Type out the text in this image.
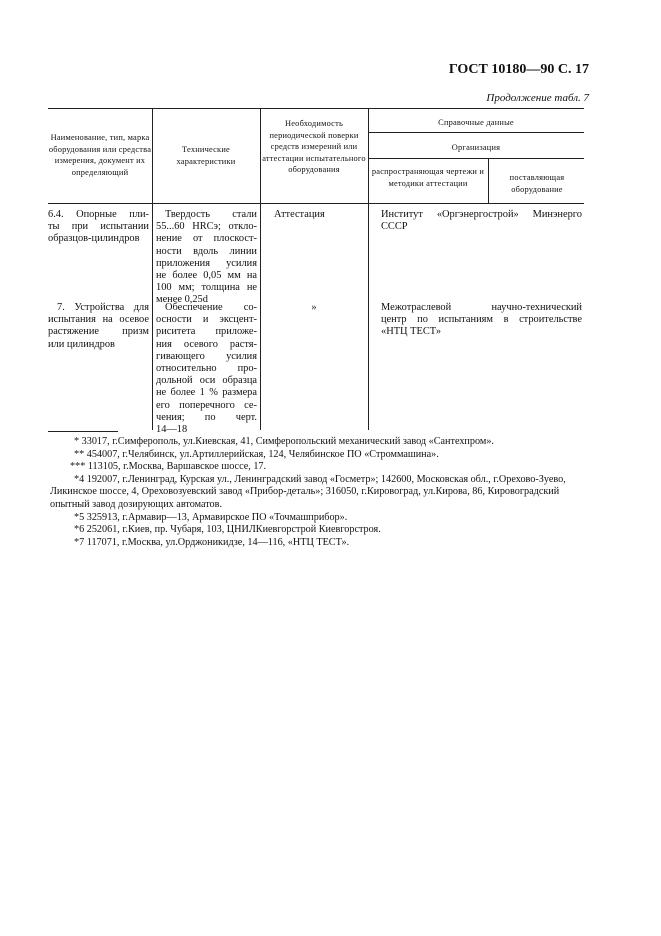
ГОСТ 10180—90 С. 17
Продолжение табл. 7
Наименование, тип, марка оборудования или средства измерения, документ их определяющий
Технические характеристики
Необходимость периодической поверки средств измерений или аттестации испытательного оборудования
Справочные данные
Организация
распространяющая чертежи и методики аттестации
поставляющая оборудование
6.4. Опорные пли-
ты при испытании
образцов-цилиндров
Твердость стали
55...60 HRCэ; откло-
нение от плоскост-
ности вдоль линии
приложения усилия
не более 0,05 мм на
100 мм; толщина не
менее 0,25d
Аттестация	Институт «Оргэнергострой» Минэнерго
СССР
7. Устройства для
испытания на осевое
растяжение призм
или цилиндров
Обеспечение со-
осности и эксцент-
риситета приложе-
ния осевого растя-
гивающего усилия
относительно про-
дольной оси образца
не более 1 % размера
его поперечного се-
чения; по черт.
14—18
»	Межотраслевой научно-технический
центр по испытаниям в строительстве
«НТЦ ТЕСТ»

* 33017, г.Симферополь, ул.Киевская, 41, Симферопольский механический завод «Сантехпром».

** 454007, г.Челябинск, ул.Артиллерийская, 124, Челябинское ПО «Строммашина».

*** 113105, г.Москва, Варшавское шоссе, 17.

*4 192007, г.Ленинград, Курская ул., Ленинградский завод «Госметр»; 142600, Московская обл., г.Орехово-Зуево, Ликинское шоссе, 4, Ореховозуевский завод «Прибор-деталь»; 316050, г.Кировоград, ул.Кирова, 86, Кировоградский опытный завод дозирующих автоматов.

*5 325913, г.Армавир—13, Армавирское ПО «Точмашприбор».

*6 252061, г.Киев, пр. Чубаря, 103, ЦНИЛКиевгорстрой Киевгорстроя.

*7 117071, г.Москва, ул.Орджоникидзе, 14—116, «НТЦ ТЕСТ».
